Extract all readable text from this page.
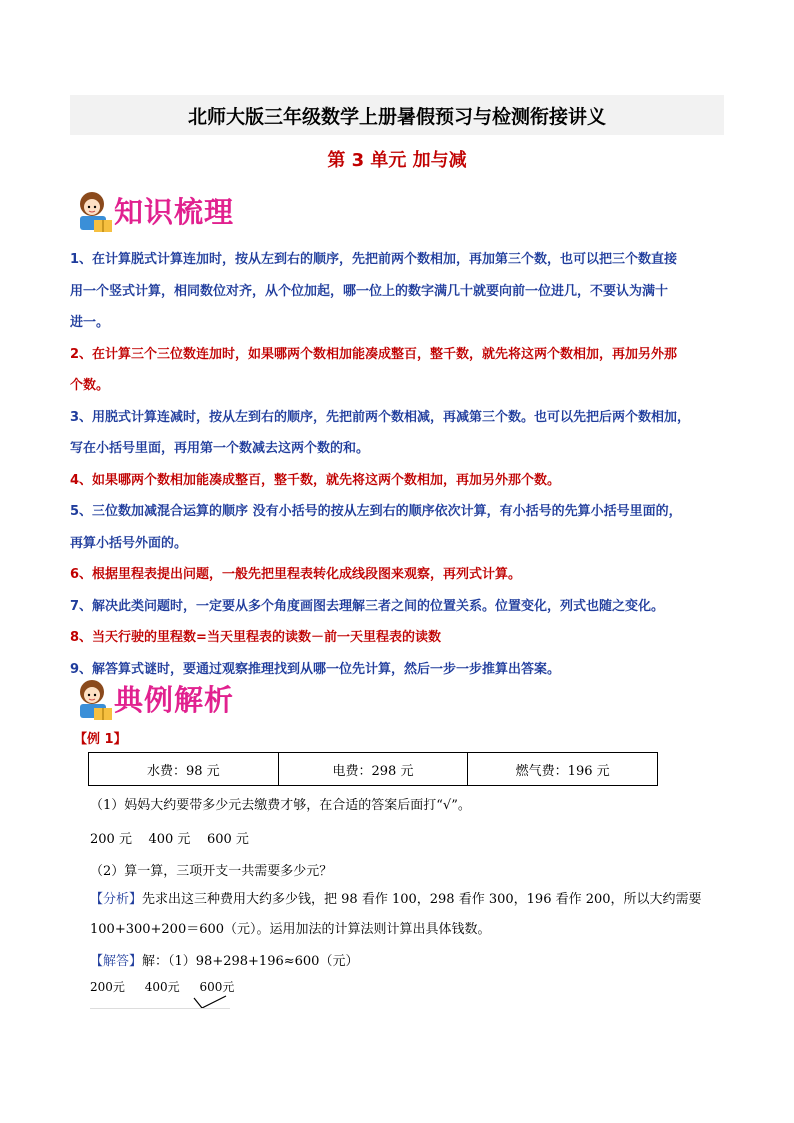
北师大版三年级数学上册暑假预习与检测衔接讲义
第 3 单元 加与减
知识梳理
1、在计算脱式计算连加时，按从左到右的顺序，先把前两个数相加，再加第三个数，也可以把三个数直接
用一个竖式计算，相同数位对齐，从个位加起，哪一位上的数字满几十就要向前一位进几，不要认为满十
进一。
2、在计算三个三位数连加时，如果哪两个数相加能凑成整百，整千数，就先将这两个数相加，再加另外那
个数。
3、用脱式计算连减时，按从左到右的顺序，先把前两个数相减，再减第三个数。也可以先把后两个数相加，
写在小括号里面，再用第一个数减去这两个数的和。
4、如果哪两个数相加能凑成整百，整千数，就先将这两个数相加，再加另外那个数。
5、三位数加减混合运算的顺序 没有小括号的按从左到右的顺序依次计算，有小括号的先算小括号里面的，
再算小括号外面的。
6、根据里程表提出问题，一般先把里程表转化成线段图来观察，再列式计算。
7、解决此类问题时，一定要从多个角度画图去理解三者之间的位置关系。位置变化，列式也随之变化。
8、当天行驶的里程数=当天里程表的读数－前一天里程表的读数
9、解答算式谜时，要通过观察推理找到从哪一位先计算，然后一步一步推算出答案。
典例解析
【例 1】
水费：98 元	电费：298 元	燃气费：196 元
（1）妈妈大约要带多少元去缴费才够，在合适的答案后面打“√”。
200 元    400 元    600 元
（2）算一算，三项开支一共需要多少元？
【分析】先求出这三种费用大约多少钱，把 98 看作 100，298 看作 300，196 看作 200，所以大约需要
100+300+200＝600（元）。运用加法的计算法则计算出具体钱数。
【解答】解：（1）98+298+196≈600（元）
200元 400元 600元
